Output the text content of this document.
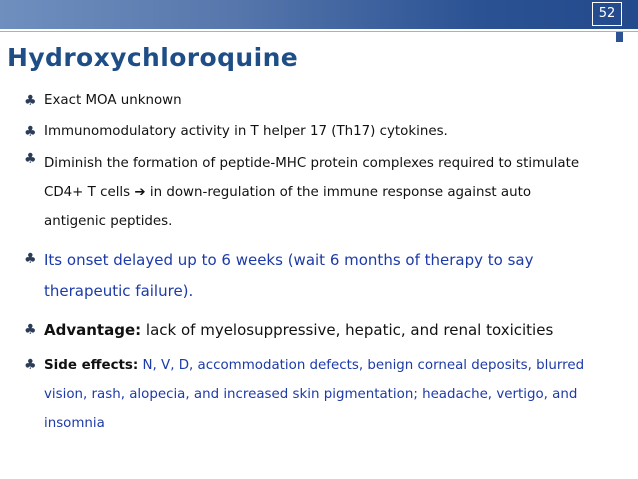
52
Hydroxychloroquine
♣ Exact MOA unknown
♣ Immunomodulatory activity in T helper 17 (Th17) cytokines.
♣ Diminish the formation of peptide-MHC protein complexes required to stimulate
CD4+ T cells ➔ in down-regulation of the immune response against auto
antigenic peptides.
♣ Its onset delayed up to 6 weeks (wait 6 months of therapy to say therapeutic failure).
♣ Advantage: lack of myelosuppressive, hepatic, and renal toxicities
♣ Side effects: N, V, D, accommodation defects, benign corneal deposits, blurred vision, rash, alopecia, and increased skin pigmentation; headache, vertigo, and insomnia
